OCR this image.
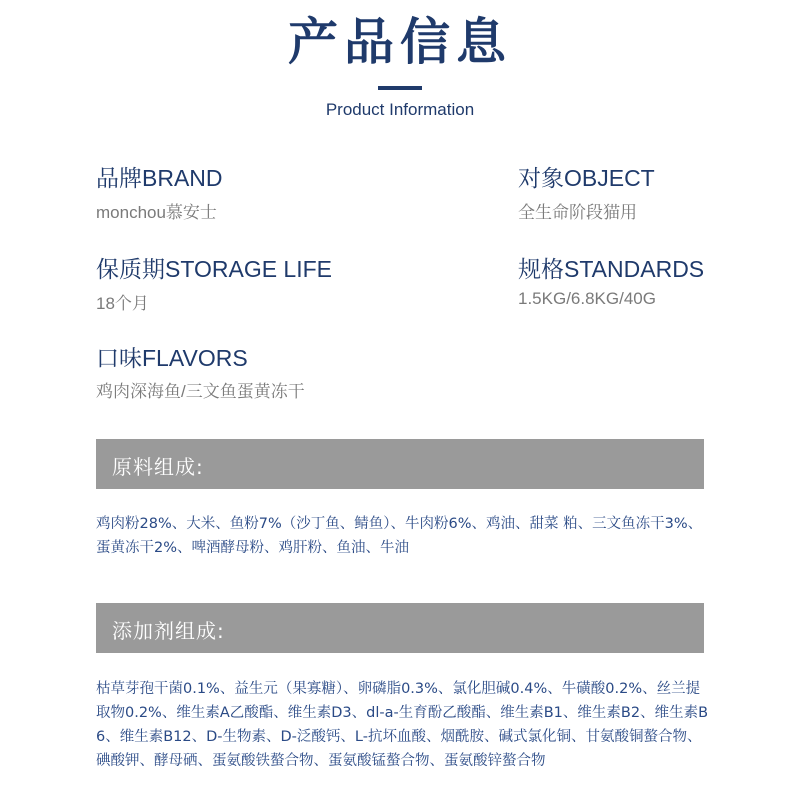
产品信息
Product Information
品牌BRAND
monchou慕安士
对象OBJECT
全生命阶段猫用
保质期STORAGE LIFE
18个月
规格STANDARDS
1.5KG/6.8KG/40G
口味FLAVORS
鸡肉深海鱼/三文鱼蛋黄冻干
原料组成:
鸡肉粉28%、大米、鱼粉7%（沙丁鱼、鲭鱼）、牛肉粉6%、鸡油、甜菜 粕、三文鱼冻干3%、蛋黄冻干2%、啤酒酵母粉、鸡肝粉、鱼油、牛油
添加剂组成:
枯草芽孢干菌0.1%、益生元（果寡糖）、卵磷脂0.3%、氯化胆碱0.4%、牛磺酸0.2%、丝兰提取物0.2%、维生素A乙酸酯、维生素D3、dl-a-生育酚乙酸酯、维生素B1、维生素B2、维生素B6、维生素B12、D-生物素、D-泛酸钙、L-抗坏血酸、烟酰胺、碱式氯化铜、甘氨酸铜螯合物、碘酸钾、酵母硒、蛋氨酸铁螯合物、蛋氨酸锰螯合物、蛋氨酸锌螯合物
